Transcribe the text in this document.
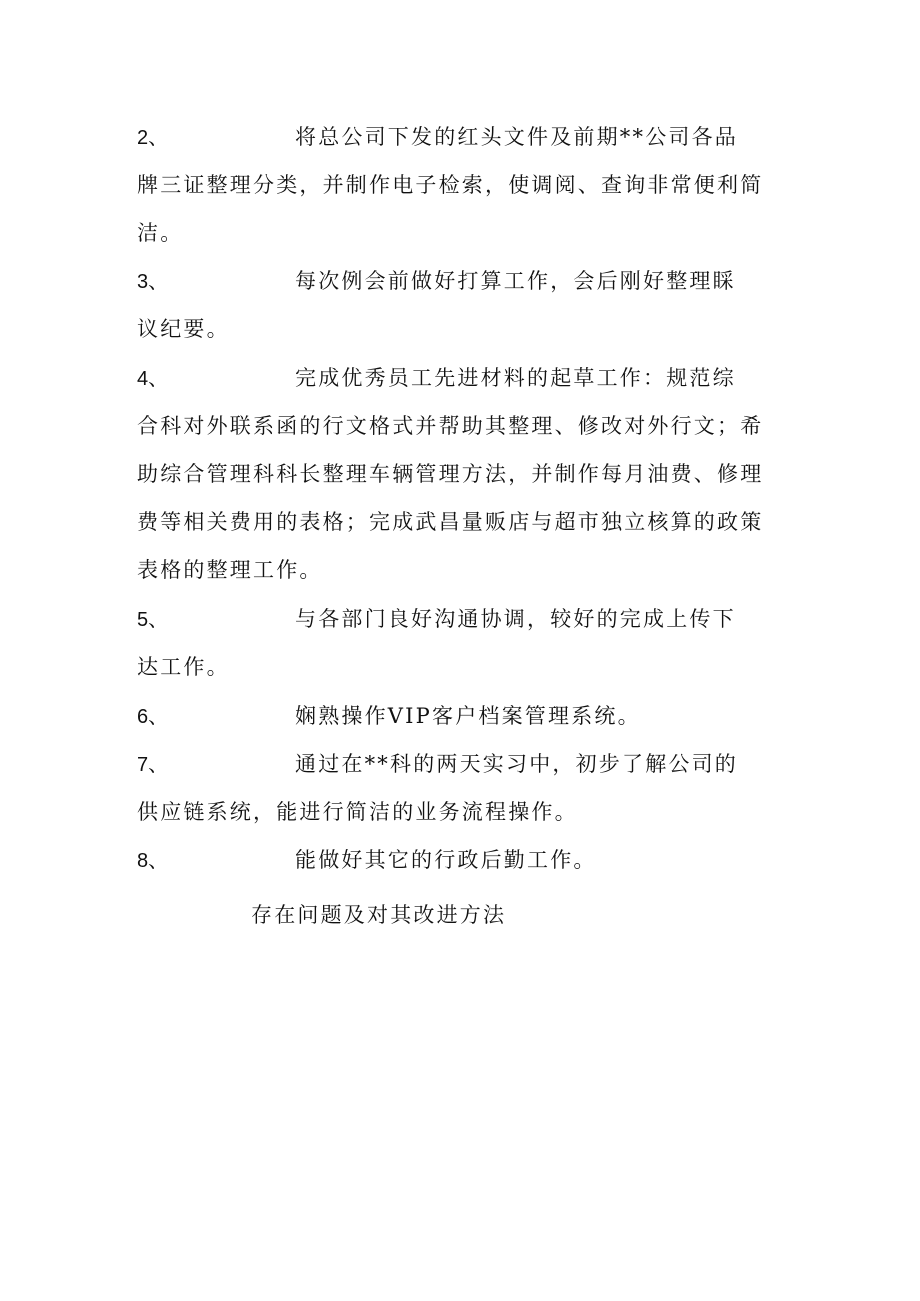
2、	将总公司下发的红头文件及前期**公司各品
牌三证整理分类，并制作电子检索，使调阅、查询非常便利简
洁。
3、	每次例会前做好打算工作，会后刚好整理睬
议纪要。
4、	完成优秀员工先进材料的起草工作：规范综
合科对外联系函的行文格式并帮助其整理、修改对外行文；希
助综合管理科科长整理车辆管理方法，并制作每月油费、修理
费等相关费用的表格；完成武昌量贩店与超市独立核算的政策
表格的整理工作。
5、	与各部门良好沟通协调，较好的完成上传下
达工作。
6、	娴熟操作VIP客户档案管理系统。
7、	通过在**科的两天实习中，初步了解公司的
供应链系统，能进行简洁的业务流程操作。
8、	能做好其它的行政后勤工作。
存在问题及对其改进方法
